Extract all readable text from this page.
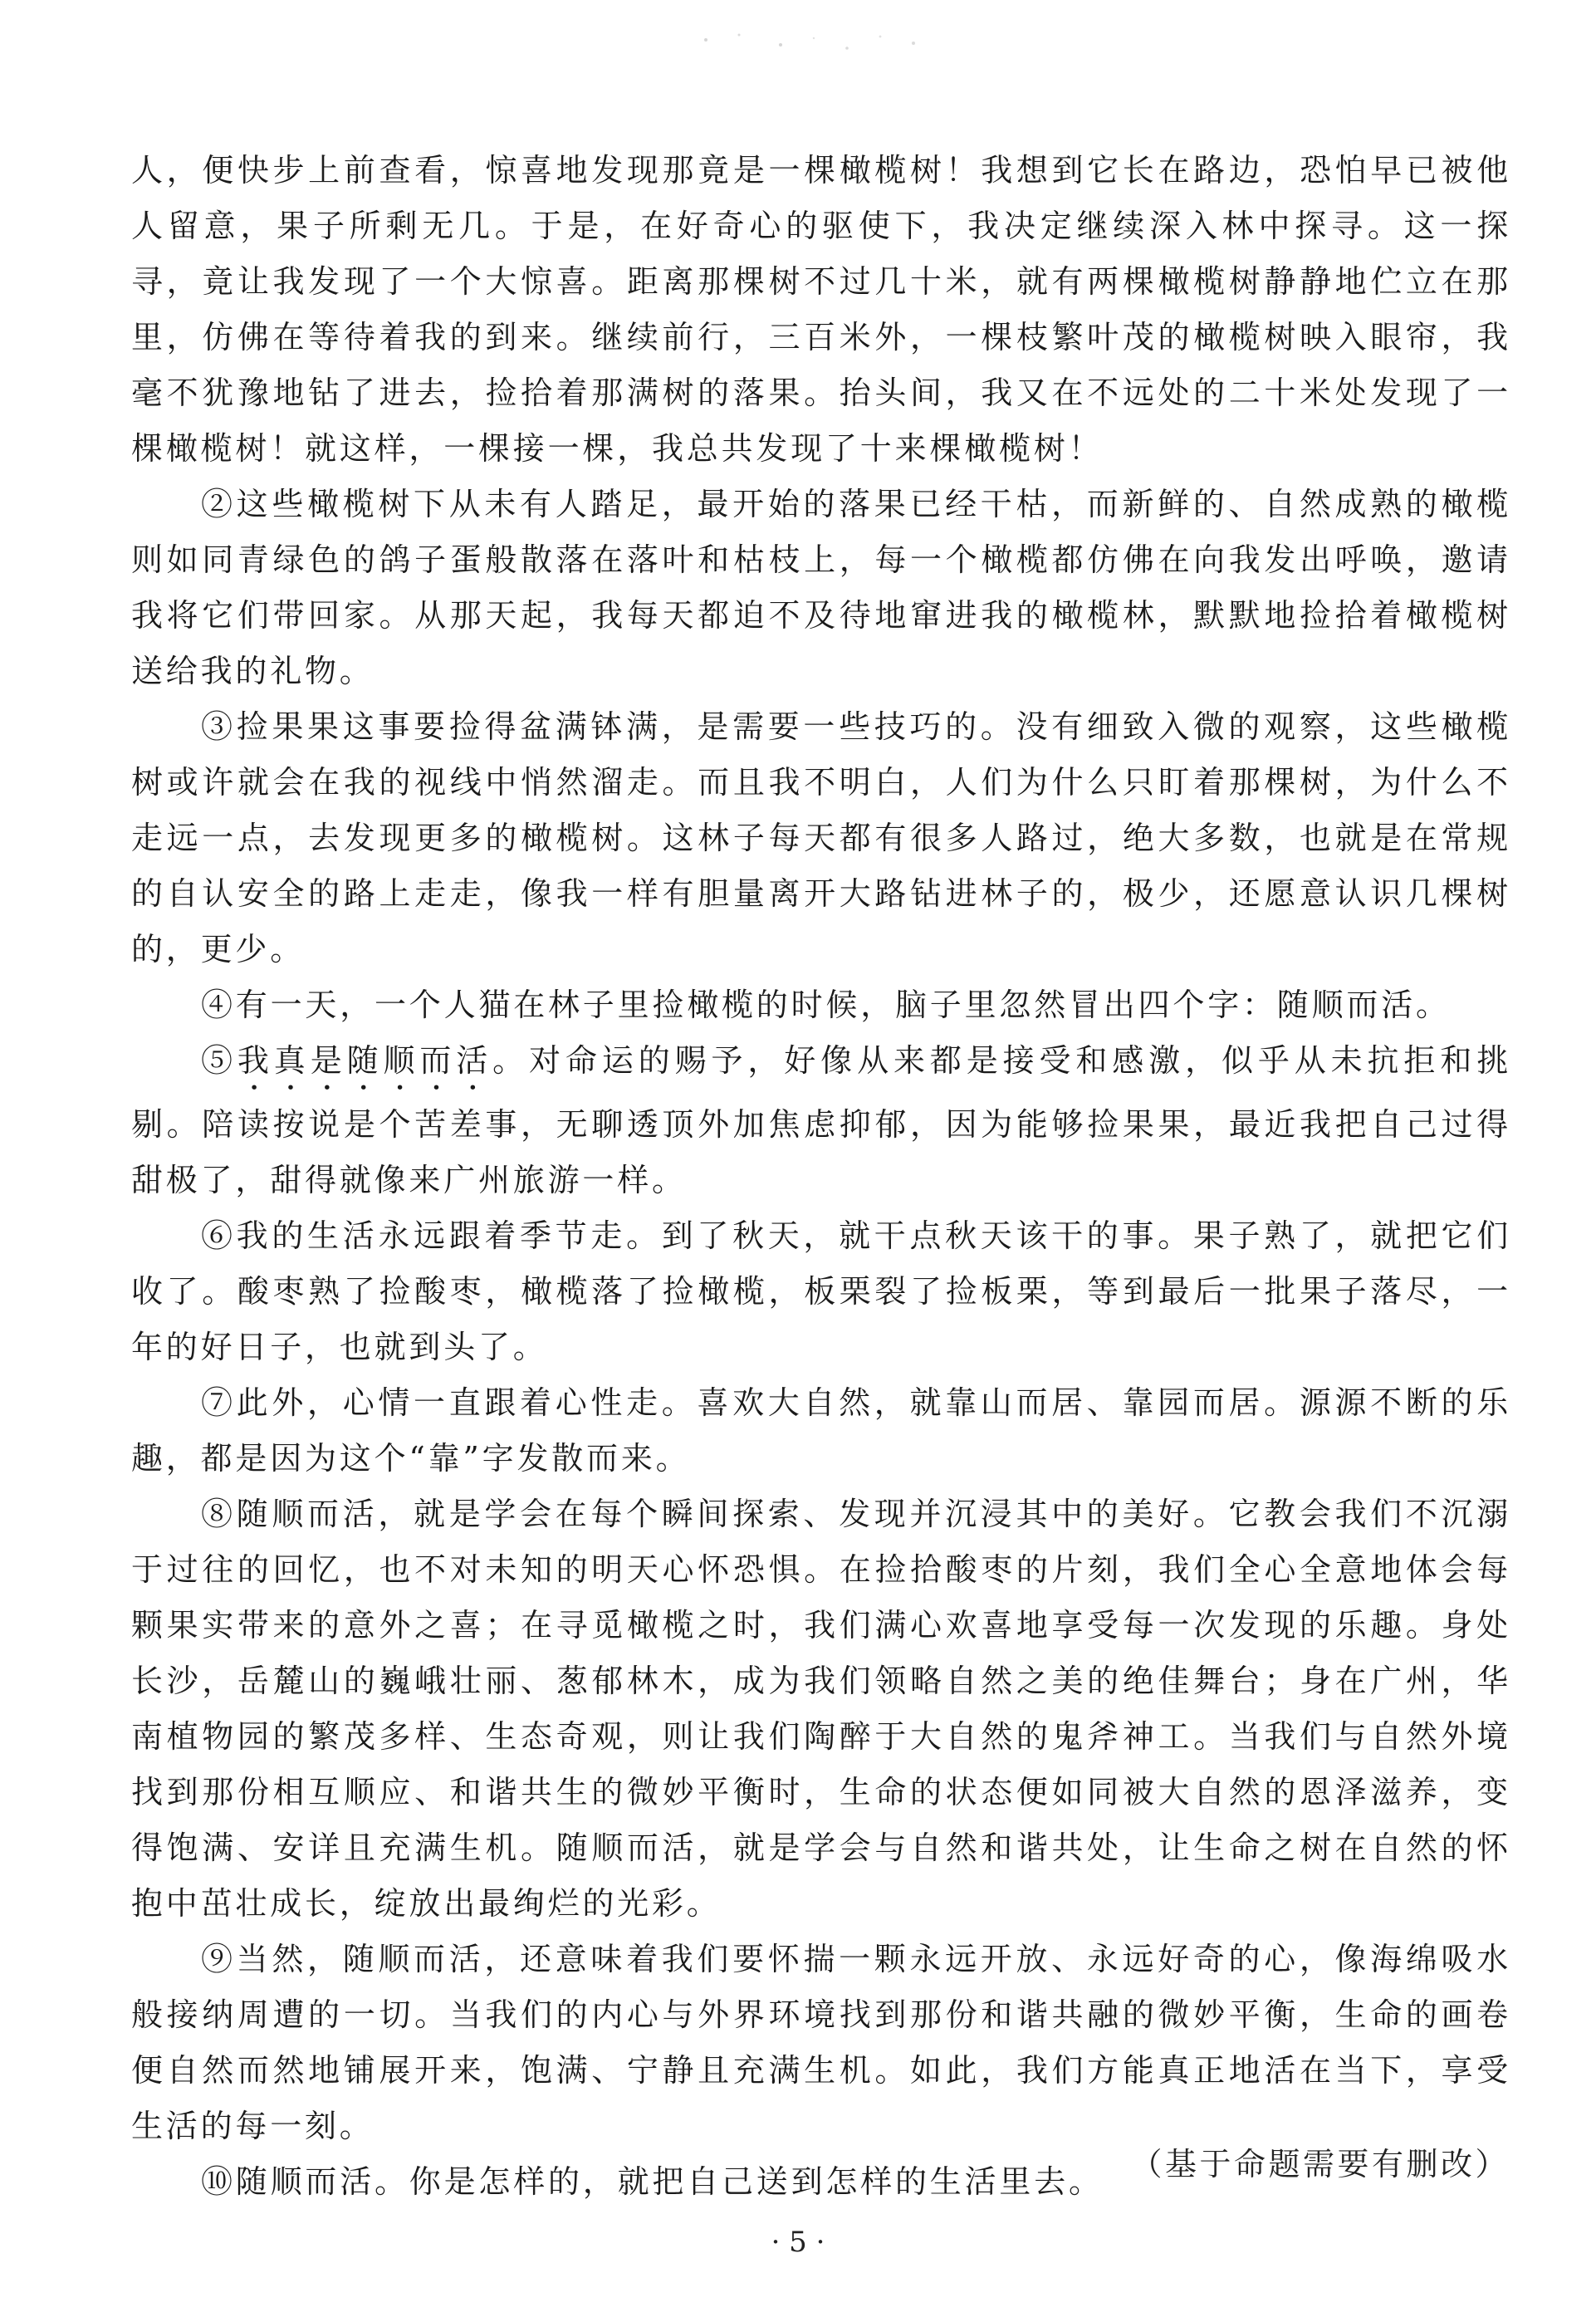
人，便快步上前查看，惊喜地发现那竟是一棵橄榄树！我想到它长在路边，恐怕早已被他人留意，果子所剩无几。于是，在好奇心的驱使下，我决定继续深入林中探寻。这一探寻，竟让我发现了一个大惊喜。距离那棵树不过几十米，就有两棵橄榄树静静地伫立在那里，仿佛在等待着我的到来。继续前行，三百米外，一棵枝繁叶茂的橄榄树映入眼帘，我毫不犹豫地钻了进去，捡拾着那满树的落果。抬头间，我又在不远处的二十米处发现了一棵橄榄树！就这样，一棵接一棵，我总共发现了十来棵橄榄树！

②这些橄榄树下从未有人踏足，最开始的落果已经干枯，而新鲜的、自然成熟的橄榄则如同青绿色的鸽子蛋般散落在落叶和枯枝上，每一个橄榄都仿佛在向我发出呼唤，邀请我将它们带回家。从那天起，我每天都迫不及待地窜进我的橄榄林，默默地捡拾着橄榄树送给我的礼物。

③捡果果这事要捡得盆满钵满，是需要一些技巧的。没有细致入微的观察，这些橄榄树或许就会在我的视线中悄然溜走。而且我不明白，人们为什么只盯着那棵树，为什么不走远一点，去发现更多的橄榄树。这林子每天都有很多人路过，绝大多数，也就是在常规的自认安全的路上走走，像我一样有胆量离开大路钻进林子的，极少，还愿意认识几棵树的，更少。

④有一天，一个人猫在林子里捡橄榄的时候，脑子里忽然冒出四个字：随顺而活。

⑤我真是随顺而活。对命运的赐予，好像从来都是接受和感激，似乎从未抗拒和挑剔。陪读按说是个苦差事，无聊透顶外加焦虑抑郁，因为能够捡果果，最近我把自己过得甜极了，甜得就像来广州旅游一样。

⑥我的生活永远跟着季节走。到了秋天，就干点秋天该干的事。果子熟了，就把它们收了。酸枣熟了捡酸枣，橄榄落了捡橄榄，板栗裂了捡板栗，等到最后一批果子落尽，一年的好日子，也就到头了。

⑦此外，心情一直跟着心性走。喜欢大自然，就靠山而居、靠园而居。源源不断的乐趣，都是因为这个“靠”字发散而来。

⑧随顺而活，就是学会在每个瞬间探索、发现并沉浸其中的美好。它教会我们不沉溺于过往的回忆，也不对未知的明天心怀恐惧。在捡拾酸枣的片刻，我们全心全意地体会每颗果实带来的意外之喜；在寻觅橄榄之时，我们满心欢喜地享受每一次发现的乐趣。身处长沙，岳麓山的巍峨壮丽、葱郁林木，成为我们领略自然之美的绝佳舞台；身在广州，华南植物园的繁茂多样、生态奇观，则让我们陶醉于大自然的鬼斧神工。当我们与自然外境找到那份相互顺应、和谐共生的微妙平衡时，生命的状态便如同被大自然的恩泽滋养，变得饱满、安详且充满生机。随顺而活，就是学会与自然和谐共处，让生命之树在自然的怀抱中茁壮成长，绽放出最绚烂的光彩。

⑨当然，随顺而活，还意味着我们要怀揣一颗永远开放、永远好奇的心，像海绵吸水般接纳周遭的一切。当我们的内心与外界环境找到那份和谐共融的微妙平衡，生命的画卷便自然而然地铺展开来，饱满、宁静且充满生机。如此，我们方能真正地活在当下，享受生活的每一刻。

⑩随顺而活。你是怎样的，就把自己送到怎样的生活里去。 （基于命题需要有删改）
· 5 ·
